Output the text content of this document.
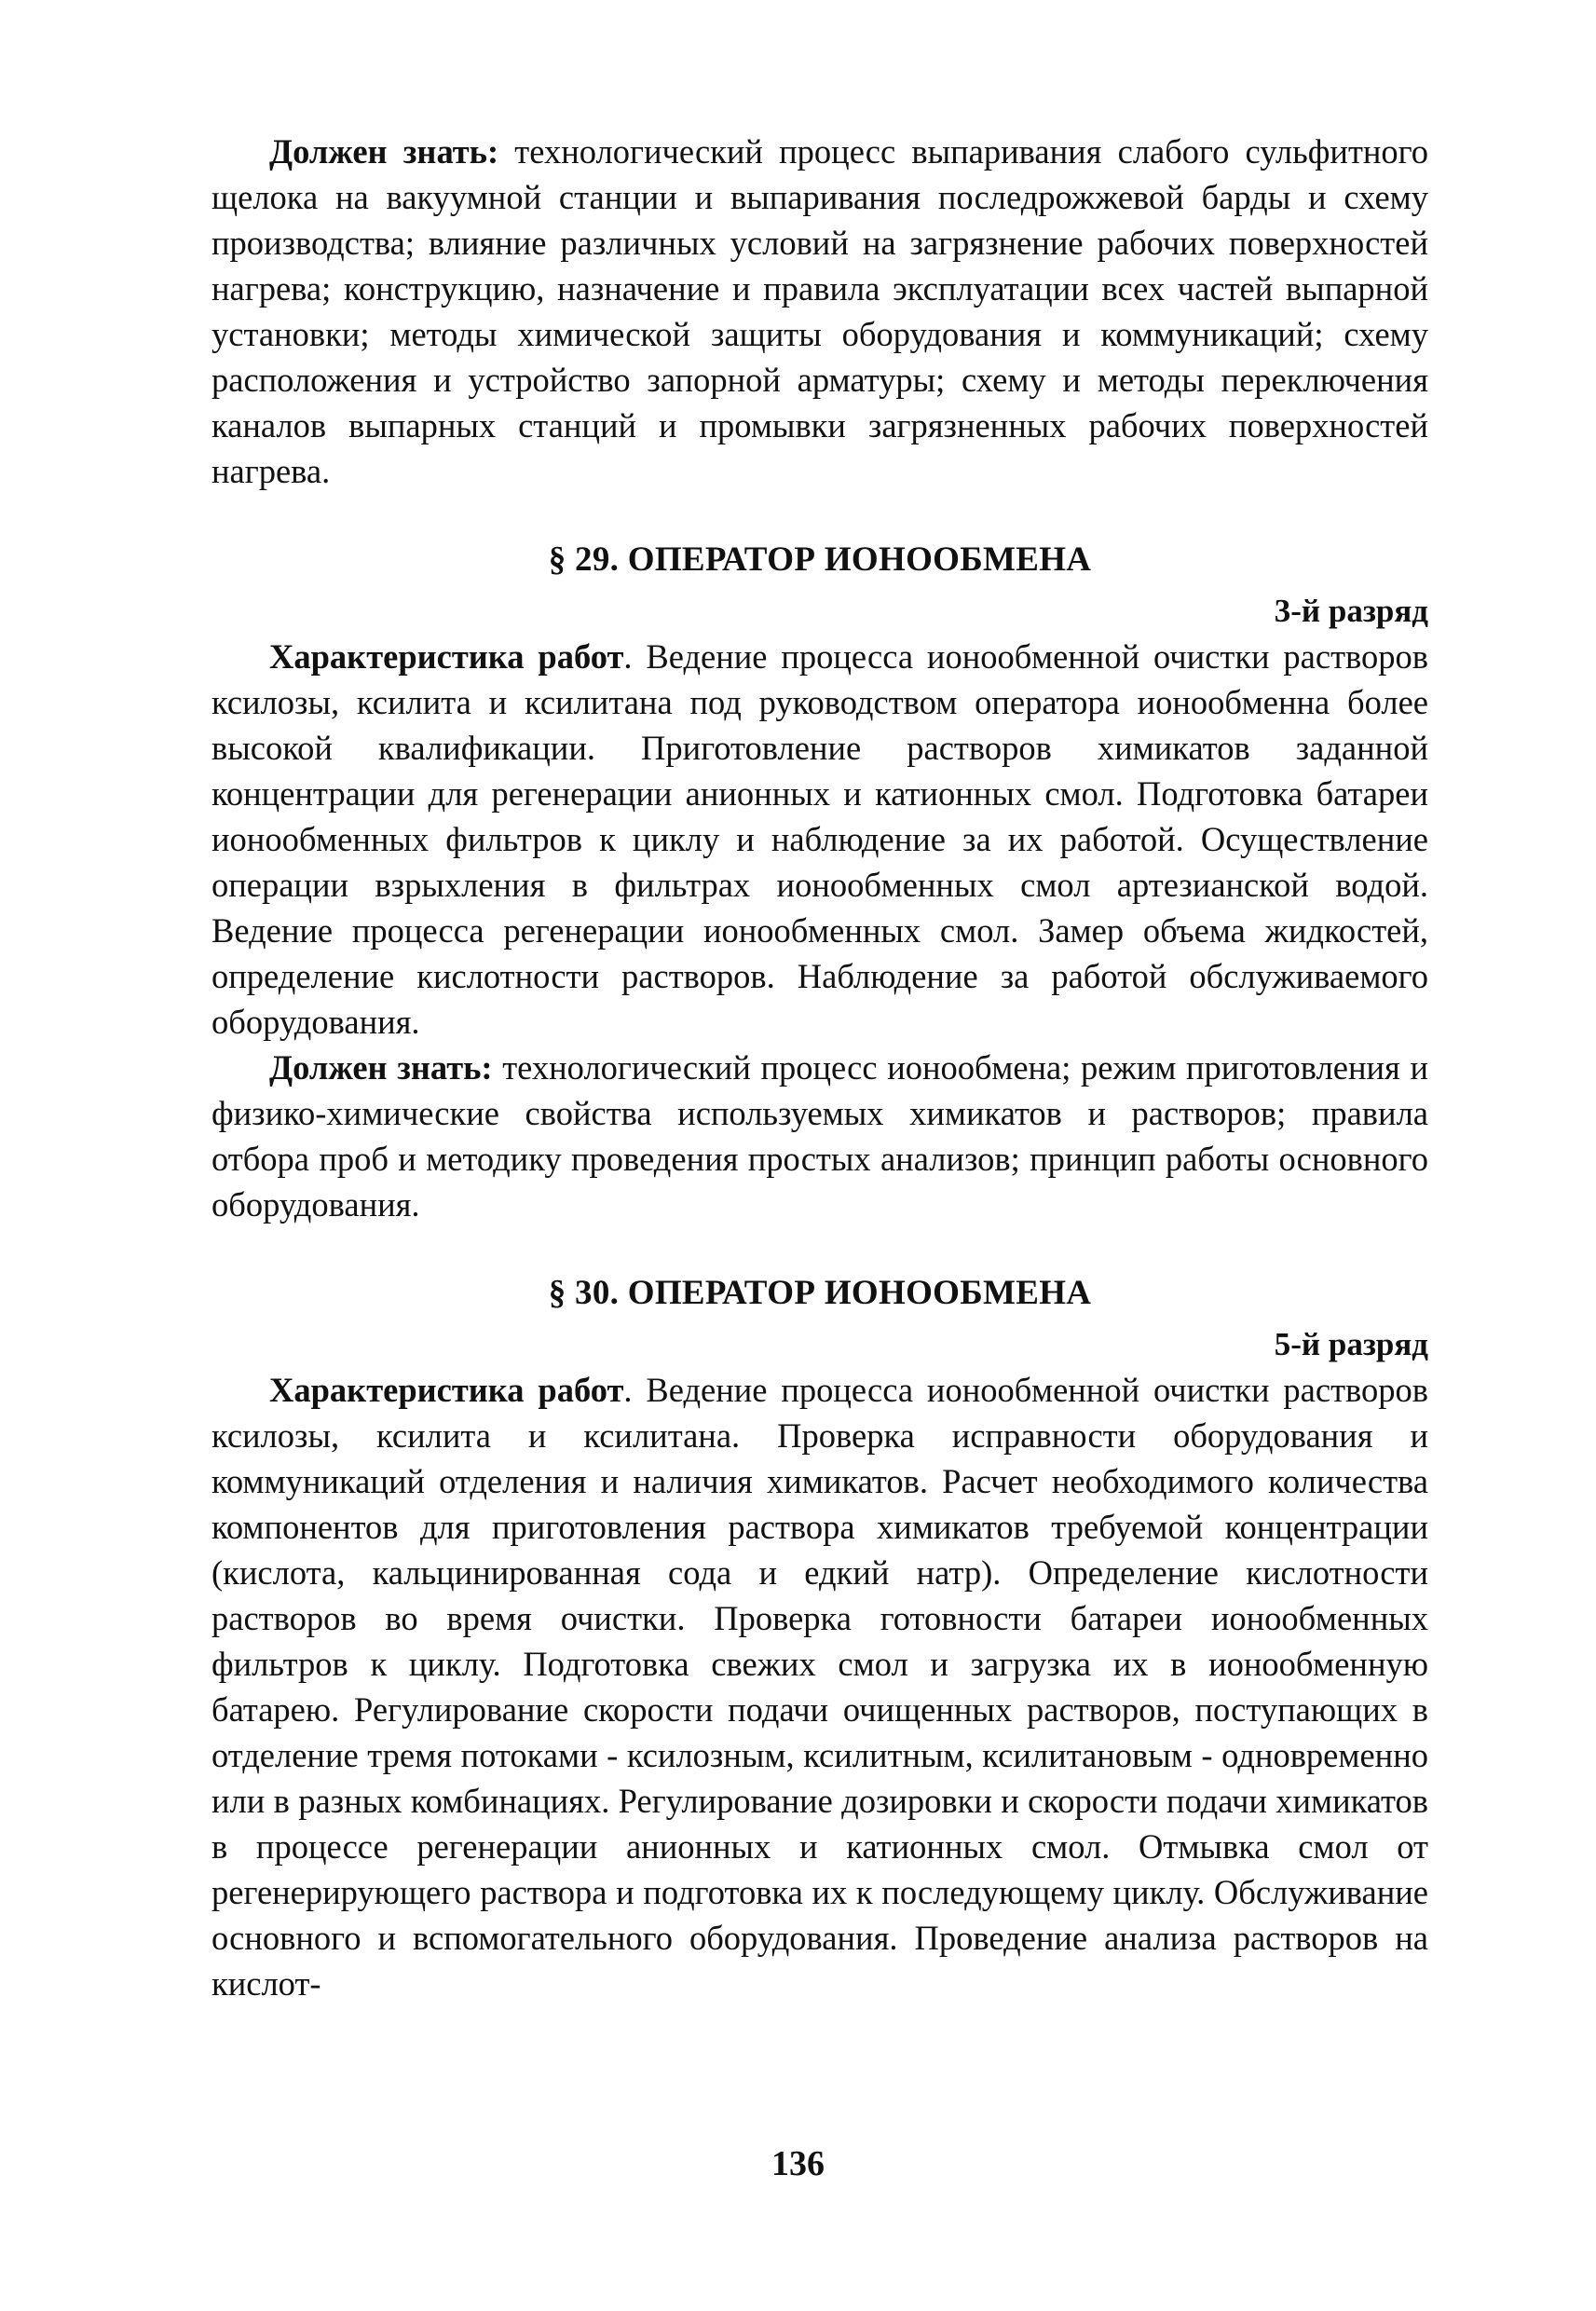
Должен знать: технологический процесс выпаривания слабого сульфитного щелока на вакуумной станции и выпаривания последрожжевой барды и схему производства; влияние различных условий на загрязнение рабочих поверхностей нагрева; конструкцию, назначение и правила эксплуатации всех частей выпарной установки; методы химической защиты оборудования и коммуникаций; схему расположения и устройство запорной арматуры; схему и методы переключения каналов выпарных станций и промывки загрязненных рабочих поверхностей нагрева.

§ 29. ОПЕРАТОР ИОНООБМЕНА
3-й разряд

Характеристика работ. Ведение процесса ионообменной очистки растворов ксилозы, ксилита и ксилитана под руководством оператора ионообменна более высокой квалификации. Приготовление растворов химикатов заданной концентрации для регенерации анионных и катионных смол. Подготовка батареи ионообменных фильтров к циклу и наблюдение за их работой. Осуществление операции взрыхления в фильтрах ионообменных смол артезианской водой. Ведение процесса регенерации ионообменных смол. Замер объема жидкостей, определение кислотности растворов. Наблюдение за работой обслуживаемого оборудования.

Должен знать: технологический процесс ионообмена; режим приготовления и физико-химические свойства используемых химикатов и растворов; правила отбора проб и методику проведения простых анализов; принцип работы основного оборудования.

§ 30. ОПЕРАТОР ИОНООБМЕНА
5-й разряд

Характеристика работ. Ведение процесса ионообменной очистки растворов ксилозы, ксилита и ксилитана. Проверка исправности оборудования и коммуникаций отделения и наличия химикатов. Расчет необходимого количества компонентов для приготовления раствора химикатов требуемой концентрации (кислота, кальцинированная сода и едкий натр). Определение кислотности растворов во время очистки. Проверка готовности батареи ионообменных фильтров к циклу. Подготовка свежих смол и загрузка их в ионообменную батарею. Регулирование скорости подачи очищенных растворов, поступающих в отделение тремя потоками - ксилозным, ксилитным, ксилитановым - одновременно или в разных комбинациях. Регулирование дозировки и скорости подачи химикатов в процессе регенерации анионных и катионных смол. Отмывка смол от регенерирующего раствора и подготовка их к последующему циклу. Обслуживание основного и вспомогательного оборудования. Проведение анализа растворов на кислот-

136
